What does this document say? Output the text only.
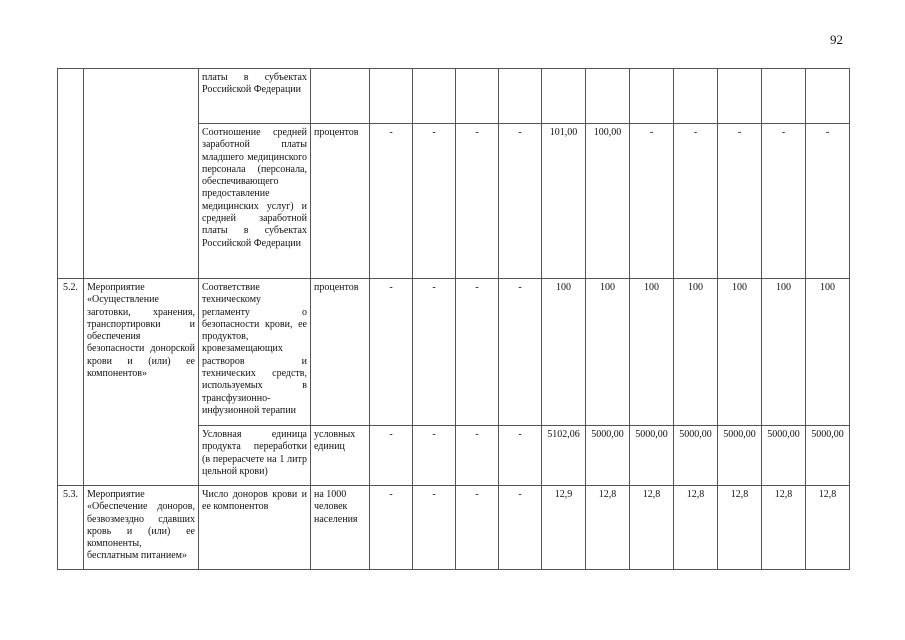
92
		платы в субъектах Российской Федерации												
		Соотношение средней заработной платы младшего медицинского персонала (персонала, обеспечивающего предоставление медицинских услуг) и средней заработной платы в субъектах Российской Федерации	процентов	-	-	-	-	101,00	100,00	-	-	-	-	-
5.2.	Мероприятие «Осуществление заготовки, хранения, транспортировки и обеспечения безопасности донорской крови и (или) ее компонентов»	Соответствие техническому регламенту о безопасности крови, ее продуктов, кровезамещающих растворов и технических средств, используемых в трансфузионно-инфузионной терапии	процентов	-	-	-	-	100	100	100	100	100	100	100
		Условная единица продукта переработки (в перерасчете на 1 литр цельной крови)	условных единиц	-	-	-	-	5102,06	5000,00	5000,00	5000,00	5000,00	5000,00	5000,00
5.3.	Мероприятие «Обеспечение доноров, безвозмездно сдавших кровь и (или) ее компоненты, бесплатным питанием»	Число доноров крови и ее компонентов	на 1000 человек населения	-	-	-	-	12,9	12,8	12,8	12,8	12,8	12,8	12,8
